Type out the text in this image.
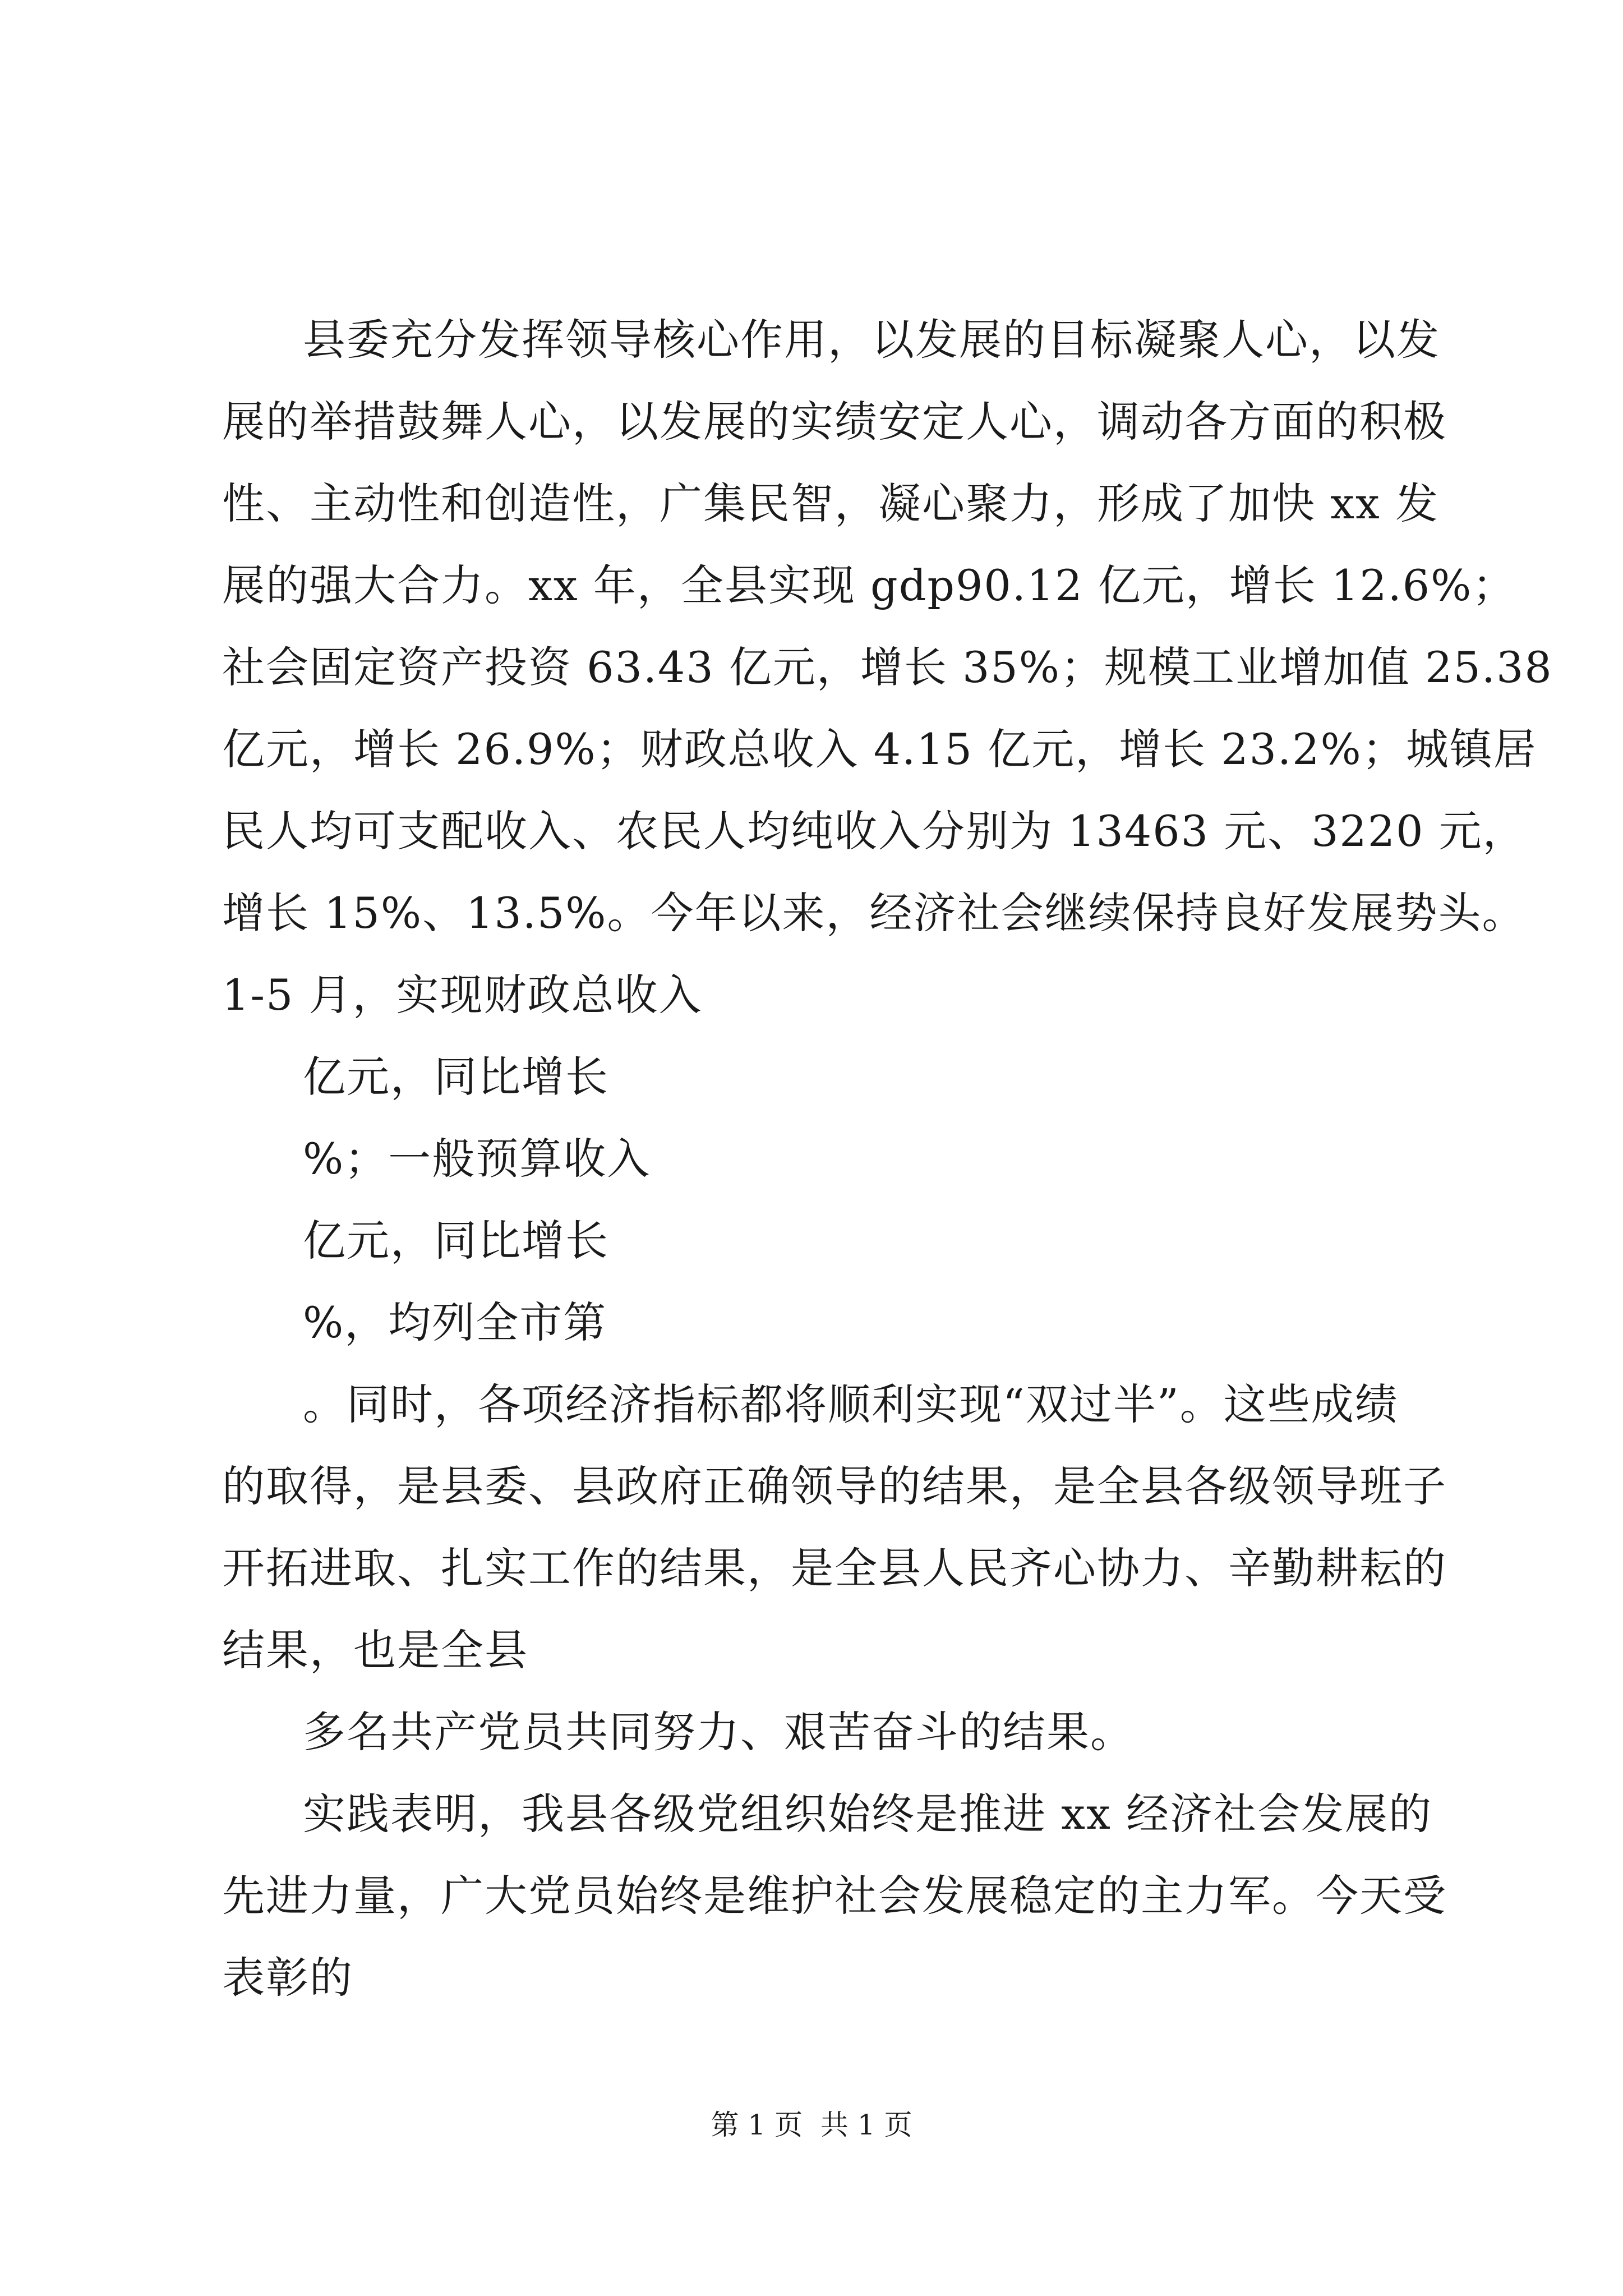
县委充分发挥领导核心作用，以发展的目标凝聚人心，以发
展的举措鼓舞人心，以发展的实绩安定人心，调动各方面的积极
性、主动性和创造性，广集民智，凝心聚力，形成了加快 xx 发
展的强大合力。xx 年，全县实现 gdp90.12 亿元，增长 12.6%；
社会固定资产投资 63.43 亿元，增长 35%；规模工业增加值 25.38
亿元，增长 26.9%；财政总收入 4.15 亿元，增长 23.2%；城镇居
民人均可支配收入、农民人均纯收入分别为 13463 元、3220 元，
增长 15%、13.5%。今年以来，经济社会继续保持良好发展势头。
1-5 月，实现财政总收入
亿元，同比增长
%；一般预算收入
亿元，同比增长
%，均列全市第
。同时，各项经济指标都将顺利实现“双过半”。这些成绩
的取得，是县委、县政府正确领导的结果，是全县各级领导班子
开拓进取、扎实工作的结果，是全县人民齐心协力、辛勤耕耘的
结果，也是全县
多名共产党员共同努力、艰苦奋斗的结果。
实践表明，我县各级党组织始终是推进 xx 经济社会发展的
先进力量，广大党员始终是维护社会发展稳定的主力军。今天受
表彰的
第 1 页  共 1 页
